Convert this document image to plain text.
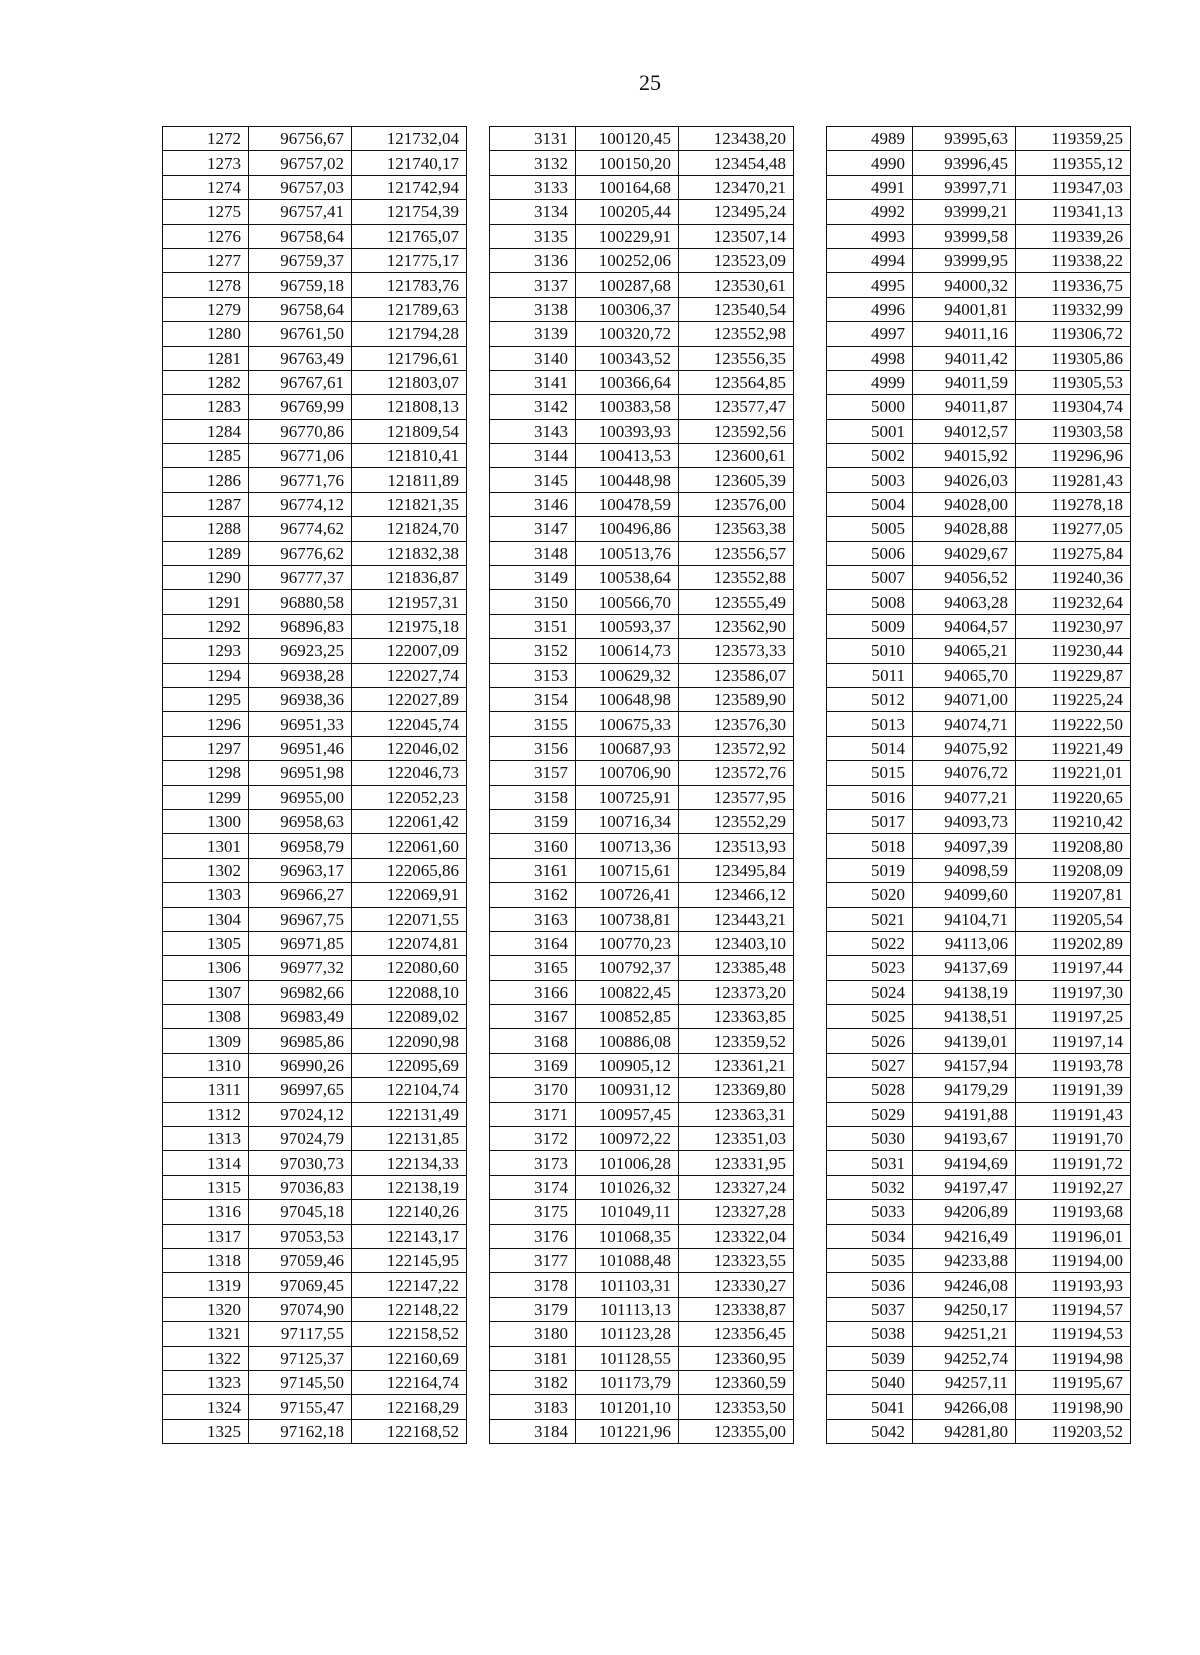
25
1272	96756,67	121732,04
1273	96757,02	121740,17
1274	96757,03	121742,94
1275	96757,41	121754,39
1276	96758,64	121765,07
1277	96759,37	121775,17
1278	96759,18	121783,76
1279	96758,64	121789,63
1280	96761,50	121794,28
1281	96763,49	121796,61
1282	96767,61	121803,07
1283	96769,99	121808,13
1284	96770,86	121809,54
1285	96771,06	121810,41
1286	96771,76	121811,89
1287	96774,12	121821,35
1288	96774,62	121824,70
1289	96776,62	121832,38
1290	96777,37	121836,87
1291	96880,58	121957,31
1292	96896,83	121975,18
1293	96923,25	122007,09
1294	96938,28	122027,74
1295	96938,36	122027,89
1296	96951,33	122045,74
1297	96951,46	122046,02
1298	96951,98	122046,73
1299	96955,00	122052,23
1300	96958,63	122061,42
1301	96958,79	122061,60
1302	96963,17	122065,86
1303	96966,27	122069,91
1304	96967,75	122071,55
1305	96971,85	122074,81
1306	96977,32	122080,60
1307	96982,66	122088,10
1308	96983,49	122089,02
1309	96985,86	122090,98
1310	96990,26	122095,69
1311	96997,65	122104,74
1312	97024,12	122131,49
1313	97024,79	122131,85
1314	97030,73	122134,33
1315	97036,83	122138,19
1316	97045,18	122140,26
1317	97053,53	122143,17
1318	97059,46	122145,95
1319	97069,45	122147,22
1320	97074,90	122148,22
1321	97117,55	122158,52
1322	97125,37	122160,69
1323	97145,50	122164,74
1324	97155,47	122168,29
1325	97162,18	122168,52
3131	100120,45	123438,20
3132	100150,20	123454,48
3133	100164,68	123470,21
3134	100205,44	123495,24
3135	100229,91	123507,14
3136	100252,06	123523,09
3137	100287,68	123530,61
3138	100306,37	123540,54
3139	100320,72	123552,98
3140	100343,52	123556,35
3141	100366,64	123564,85
3142	100383,58	123577,47
3143	100393,93	123592,56
3144	100413,53	123600,61
3145	100448,98	123605,39
3146	100478,59	123576,00
3147	100496,86	123563,38
3148	100513,76	123556,57
3149	100538,64	123552,88
3150	100566,70	123555,49
3151	100593,37	123562,90
3152	100614,73	123573,33
3153	100629,32	123586,07
3154	100648,98	123589,90
3155	100675,33	123576,30
3156	100687,93	123572,92
3157	100706,90	123572,76
3158	100725,91	123577,95
3159	100716,34	123552,29
3160	100713,36	123513,93
3161	100715,61	123495,84
3162	100726,41	123466,12
3163	100738,81	123443,21
3164	100770,23	123403,10
3165	100792,37	123385,48
3166	100822,45	123373,20
3167	100852,85	123363,85
3168	100886,08	123359,52
3169	100905,12	123361,21
3170	100931,12	123369,80
3171	100957,45	123363,31
3172	100972,22	123351,03
3173	101006,28	123331,95
3174	101026,32	123327,24
3175	101049,11	123327,28
3176	101068,35	123322,04
3177	101088,48	123323,55
3178	101103,31	123330,27
3179	101113,13	123338,87
3180	101123,28	123356,45
3181	101128,55	123360,95
3182	101173,79	123360,59
3183	101201,10	123353,50
3184	101221,96	123355,00
4989	93995,63	119359,25
4990	93996,45	119355,12
4991	93997,71	119347,03
4992	93999,21	119341,13
4993	93999,58	119339,26
4994	93999,95	119338,22
4995	94000,32	119336,75
4996	94001,81	119332,99
4997	94011,16	119306,72
4998	94011,42	119305,86
4999	94011,59	119305,53
5000	94011,87	119304,74
5001	94012,57	119303,58
5002	94015,92	119296,96
5003	94026,03	119281,43
5004	94028,00	119278,18
5005	94028,88	119277,05
5006	94029,67	119275,84
5007	94056,52	119240,36
5008	94063,28	119232,64
5009	94064,57	119230,97
5010	94065,21	119230,44
5011	94065,70	119229,87
5012	94071,00	119225,24
5013	94074,71	119222,50
5014	94075,92	119221,49
5015	94076,72	119221,01
5016	94077,21	119220,65
5017	94093,73	119210,42
5018	94097,39	119208,80
5019	94098,59	119208,09
5020	94099,60	119207,81
5021	94104,71	119205,54
5022	94113,06	119202,89
5023	94137,69	119197,44
5024	94138,19	119197,30
5025	94138,51	119197,25
5026	94139,01	119197,14
5027	94157,94	119193,78
5028	94179,29	119191,39
5029	94191,88	119191,43
5030	94193,67	119191,70
5031	94194,69	119191,72
5032	94197,47	119192,27
5033	94206,89	119193,68
5034	94216,49	119196,01
5035	94233,88	119194,00
5036	94246,08	119193,93
5037	94250,17	119194,57
5038	94251,21	119194,53
5039	94252,74	119194,98
5040	94257,11	119195,67
5041	94266,08	119198,90
5042	94281,80	119203,52
